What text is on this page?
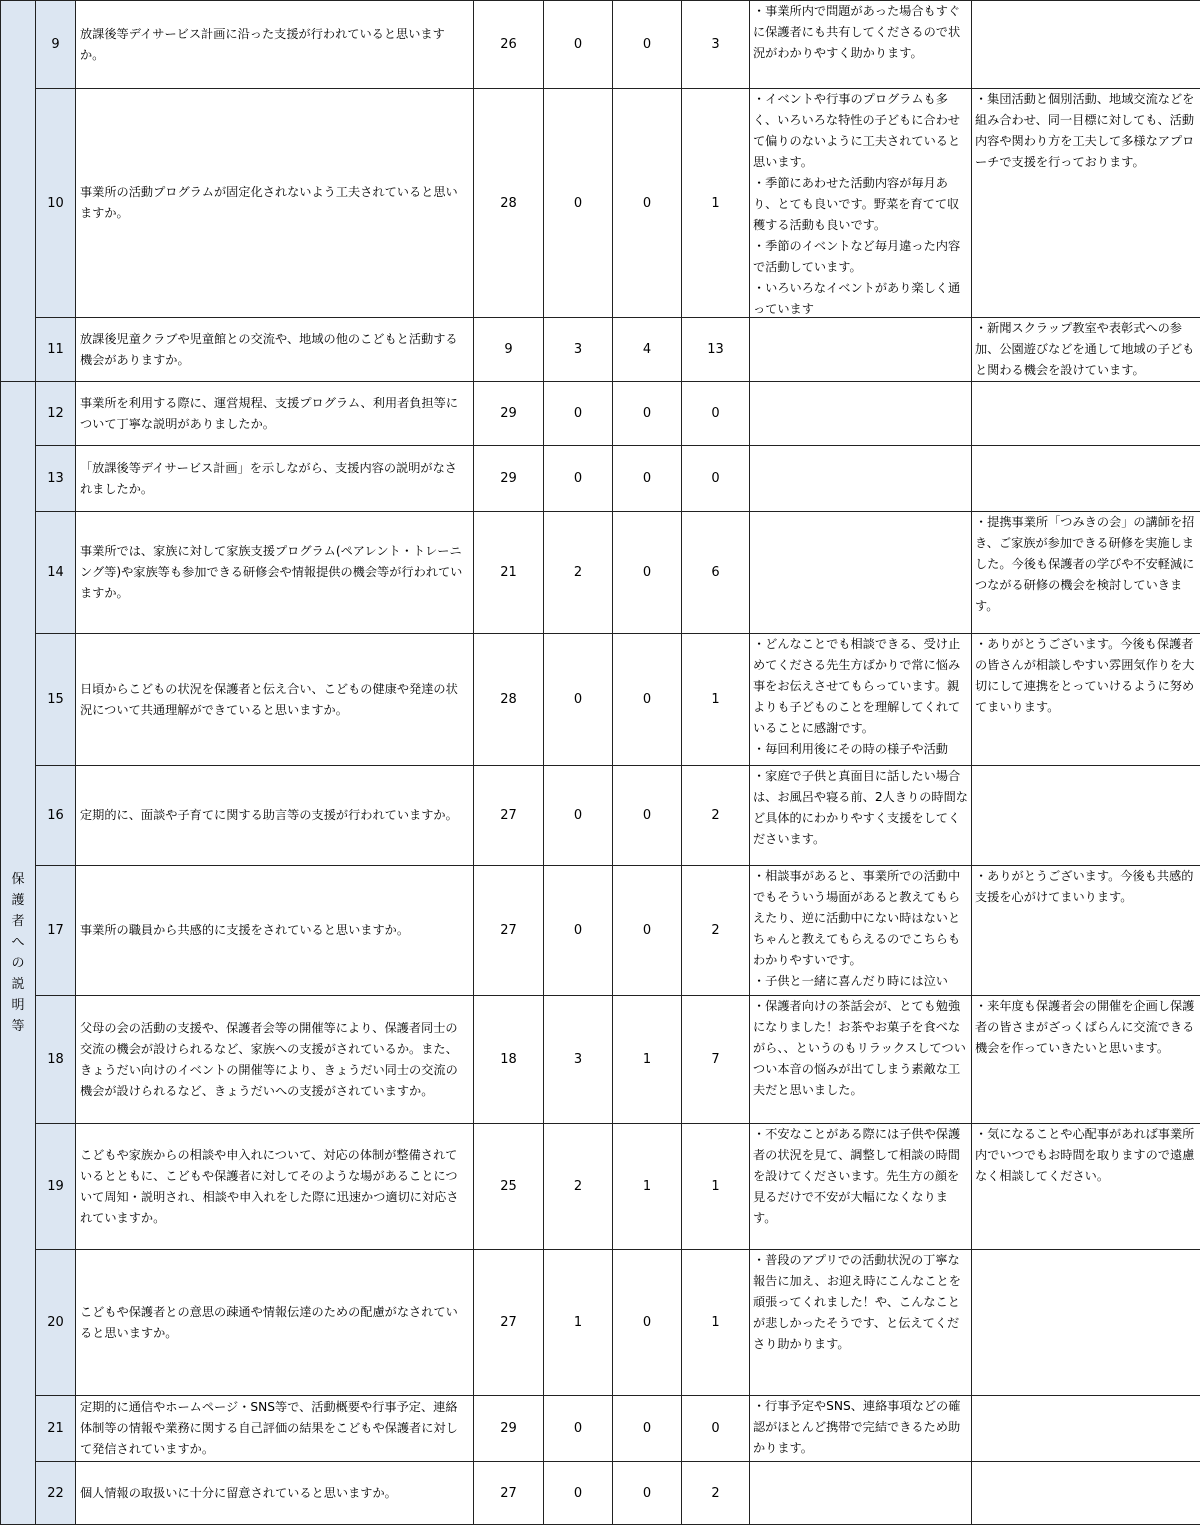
	9	放課後等デイサービス計画に沿った支援が行われていると思いますか。	26	0	0	3	・事業所内で問題があった場合もすぐに保護者にも共有してくださるので状況がわかりやすく助かります。	

	10	事業所の活動プログラムが固定化されないよう工夫されていると思いますか。	28	0	0	1	・イベントや行事のプログラムも多く、いろいろな特性の子どもに合わせて偏りのないように工夫されていると思います。
・季節にあわせた活動内容が毎月あり、とても良いです。野菜を育てて収穫する活動も良いです。
・季節のイベントなど毎月違った内容で活動しています。
・いろいろなイベントがあり楽しく通っています	・集団活動と個別活動、地域交流などを組み合わせ、同一目標に対しても、活動内容や関わり方を工夫して多様なアプローチで支援を行っております。

	11	放課後児童クラブや児童館との交流や、地域の他のこどもと活動する機会がありますか。	9	3	4	13		・新聞スクラップ教室や表彰式への参加、公園遊びなどを通して地域の子どもと関わる機会を設けています。

保護者への説明等	12	事業所を利用する際に、運営規程、支援プログラム、利用者負担等について丁寧な説明がありましたか。	29	0	0	0	

	13	「放課後等デイサービス計画」を示しながら、支援内容の説明がなされましたか。	29	0	0	0	

	14	事業所では、家族に対して家族支援プログラム(ペアレント・トレーニング等)や家族等も参加できる研修会や情報提供の機会等が行われていますか。	21	2	0	6		・提携事業所「つみきの会」の講師を招き、ご家族が参加できる研修を実施しました。今後も保護者の学びや不安軽減につながる研修の機会を検討していきます。

	15	日頃からこどもの状況を保護者と伝え合い、こどもの健康や発達の状況について共通理解ができていると思いますか。	28	0	0	1	・どんなことでも相談できる、受け止めてくださる先生方ばかりで常に悩み事をお伝えさせてもらっています。親よりも子どものことを理解してくれていることに感謝です。
・毎回利用後にその時の様子や活動	・ありがとうございます。今後も保護者の皆さんが相談しやすい雰囲気作りを大切にして連携をとっていけるように努めてまいります。

	16	定期的に、面談や子育てに関する助言等の支援が行われていますか。	27	0	0	2	・家庭で子供と真面目に話したい場合は、お風呂や寝る前、2人きりの時間など具体的にわかりやすく支援をしてくださいます。	

	17	事業所の職員から共感的に支援をされていると思いますか。	27	0	0	2	・相談事があると、事業所での活動中でもそういう場面があると教えてもらえたり、逆に活動中にない時はないとちゃんと教えてもらえるのでこちらもわかりやすいです。
・子供と一緒に喜んだり時には泣い	・ありがとうございます。今後も共感的支援を心がけてまいります。

	18	父母の会の活動の支援や、保護者会等の開催等により、保護者同士の交流の機会が設けられるなど、家族への支援がされているか。また、きょうだい向けのイベントの開催等により、きょうだい同士の交流の機会が設けられるなど、きょうだいへの支援がされていますか。	18	3	1	7	・保護者向けの茶話会が、とても勉強になりました！お茶やお菓子を食べながら、、というのもリラックスしてついつい本音の悩みが出てしまう素敵な工夫だと思いました。	・来年度も保護者会の開催を企画し保護者の皆さまがざっくばらんに交流できる機会を作っていきたいと思います。

	19	こどもや家族からの相談や申入れについて、対応の体制が整備されているとともに、こどもや保護者に対してそのような場があることについて周知・説明され、相談や申入れをした際に迅速かつ適切に対応されていますか。	25	2	1	1	・不安なことがある際には子供や保護者の状況を見て、調整して相談の時間を設けてくださいます。先生方の顔を見るだけで不安が大幅になくなります。	・気になることや心配事があれば事業所内でいつでもお時間を取りますので遠慮なく相談してください。

	20	こどもや保護者との意思の疎通や情報伝達のための配慮がなされていると思いますか。	27	1	0	1	・普段のアプリでの活動状況の丁寧な報告に加え、お迎え時にこんなことを頑張ってくれました！や、こんなことが悲しかったそうです、と伝えてくださり助かります。	

	21	定期的に通信やホームページ・SNS等で、活動概要や行事予定、連絡体制等の情報や業務に関する自己評価の結果をこどもや保護者に対して発信されていますか。	29	0	0	0	・行事予定やSNS、連絡事項などの確認がほとんど携帯で完結できるため助かります。	

	22	個人情報の取扱いに十分に留意されていると思いますか。	27	0	0	2	
